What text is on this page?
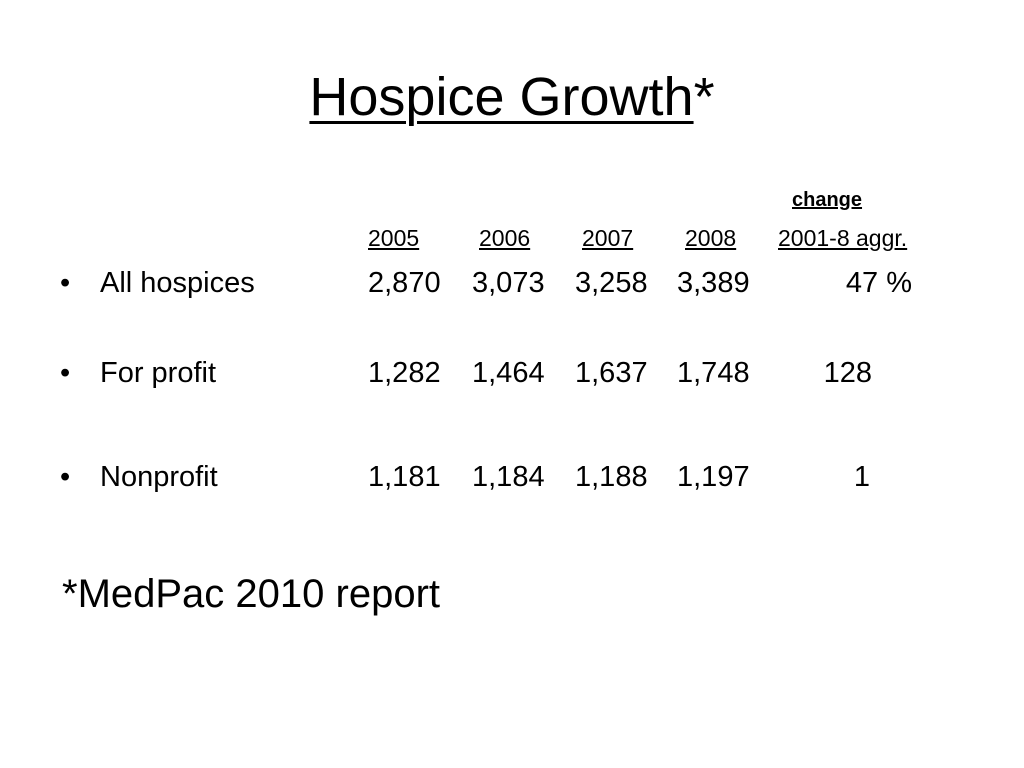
Hospice Growth*
change
2005	2006 2007 2008 2001-8 aggr.
• All hospices	2,870 3,073 3,258 3,389	47 %
• For profit	1,282 1,464 1,637 1,748	128
• Nonprofit	1,181 1,184 1,188 1,197	1
*MedPac 2010 report
